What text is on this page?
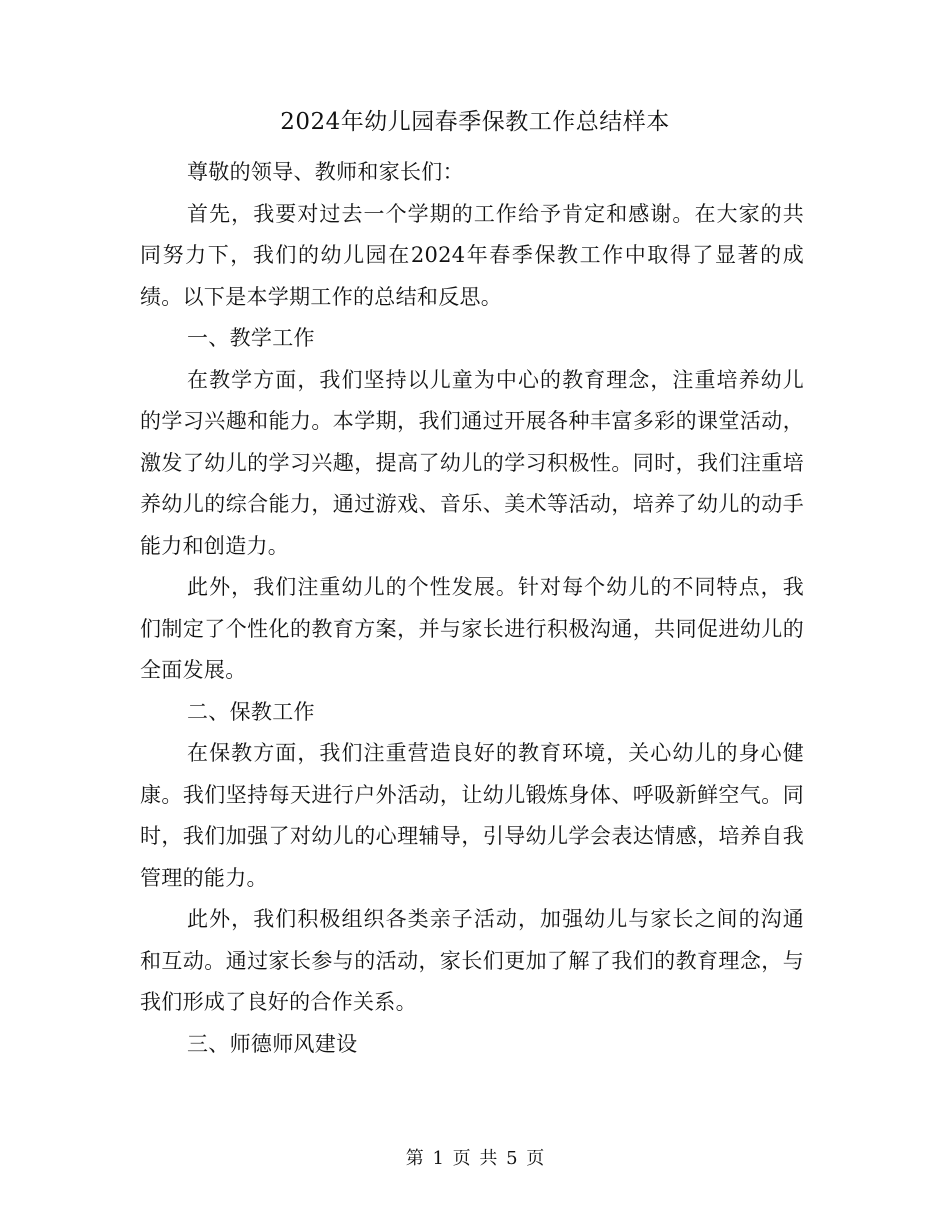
2024年幼儿园春季保教工作总结样本

尊敬的领导、教师和家长们：

首先，我要对过去一个学期的工作给予肯定和感谢。在大家的共同努力下，我们的幼儿园在2024年春季保教工作中取得了显著的成绩。以下是本学期工作的总结和反思。

一、教学工作

在教学方面，我们坚持以儿童为中心的教育理念，注重培养幼儿的学习兴趣和能力。本学期，我们通过开展各种丰富多彩的课堂活动，激发了幼儿的学习兴趣，提高了幼儿的学习积极性。同时，我们注重培养幼儿的综合能力，通过游戏、音乐、美术等活动，培养了幼儿的动手能力和创造力。

此外，我们注重幼儿的个性发展。针对每个幼儿的不同特点，我们制定了个性化的教育方案，并与家长进行积极沟通，共同促进幼儿的全面发展。

二、保教工作

在保教方面，我们注重营造良好的教育环境，关心幼儿的身心健康。我们坚持每天进行户外活动，让幼儿锻炼身体、呼吸新鲜空气。同时，我们加强了对幼儿的心理辅导，引导幼儿学会表达情感，培养自我管理的能力。

此外，我们积极组织各类亲子活动，加强幼儿与家长之间的沟通和互动。通过家长参与的活动，家长们更加了解了我们的教育理念，与我们形成了良好的合作关系。

三、师德师风建设

第 1 页 共 5 页
